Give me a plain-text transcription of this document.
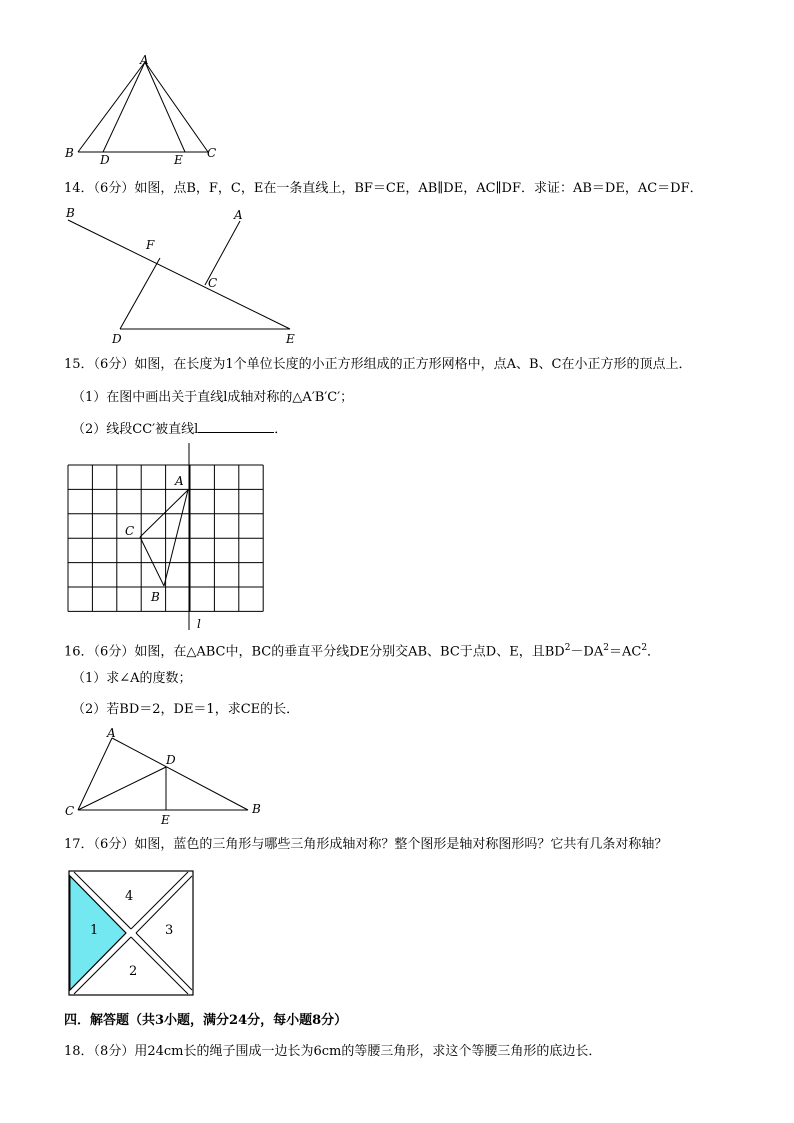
A
B D	E C
14．（6分）如图，点B，F，C，E在一条直线上，BF＝CE，AB∥DE，AC∥DF．求证：AB＝DE，AC＝DF．
B	A
F
C
D	E
15．（6分）如图，在长度为1个单位长度的小正方形组成的正方形网格中，点A、B、C在小正方形的顶点上．
（1）在图中画出关于直线l成轴对称的△A′B′C′；
（2）线段CC′被直线l	．
A
C
B
l
16．（6分）如图，在△ABC中，BC的垂直平分线DE分别交AB、BC于点D、E，且$BD^2-DA^2=AC^2$．
（1）求∠A的度数；
（2）若BD＝2，DE＝1，求CE的长．
A
D
C
E
B
17．（6分）如图，蓝色的三角形与哪些三角形成轴对称？整个图形是轴对称图形吗？它共有几条对称轴？
1
2
3
4
四．解答题（共3小题，满分24分，每小题8分）
18．（8分）用24cm长的绳子围成一边长为6cm的等腰三角形，求这个等腰三角形的底边长．
